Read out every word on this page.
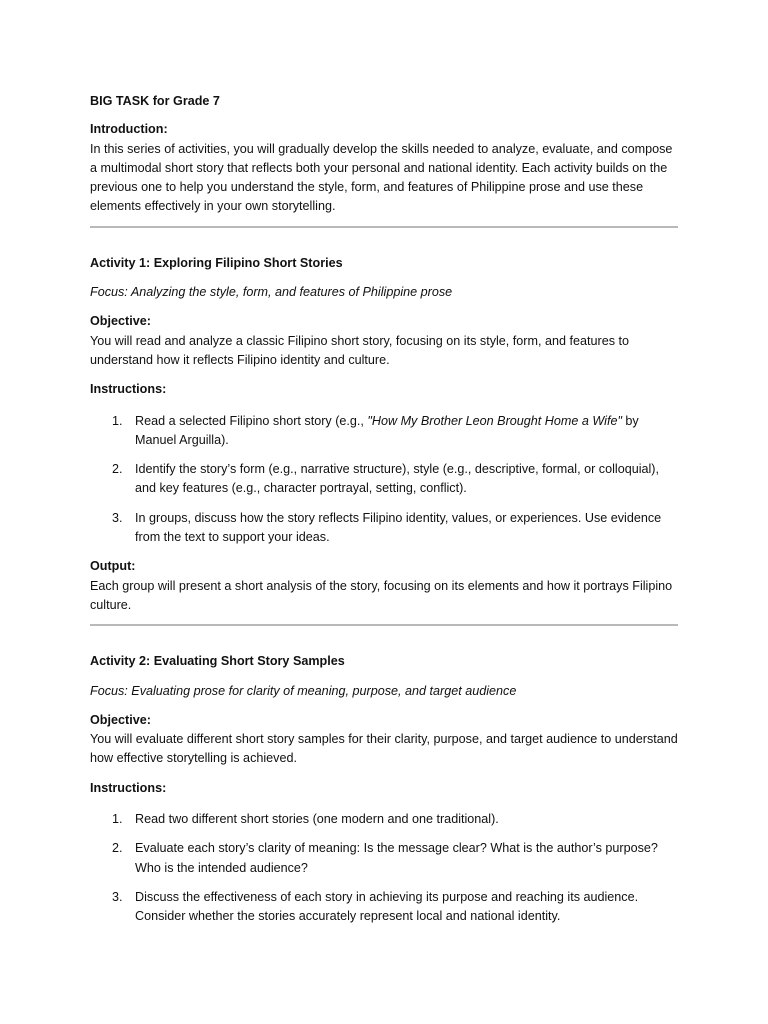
BIG TASK for Grade 7

Introduction:

In this series of activities, you will gradually develop the skills needed to analyze, evaluate, and compose a multimodal short story that reflects both your personal and national identity. Each activity builds on the previous one to help you understand the style, form, and features of Philippine prose and use these elements effectively in your own storytelling.

Activity 1: Exploring Filipino Short Stories

Focus: Analyzing the style, form, and features of Philippine prose

Objective:

You will read and analyze a classic Filipino short story, focusing on its style, form, and features to understand how it reflects Filipino identity and culture.

Instructions:

1. Read a selected Filipino short story (e.g., "How My Brother Leon Brought Home a Wife" by Manuel Arguilla).
2. Identify the story’s form (e.g., narrative structure), style (e.g., descriptive, formal, or colloquial), and key features (e.g., character portrayal, setting, conflict).
3. In groups, discuss how the story reflects Filipino identity, values, or experiences. Use evidence from the text to support your ideas.

Output:

Each group will present a short analysis of the story, focusing on its elements and how it portrays Filipino culture.

Activity 2: Evaluating Short Story Samples

Focus: Evaluating prose for clarity of meaning, purpose, and target audience

Objective:

You will evaluate different short story samples for their clarity, purpose, and target audience to understand how effective storytelling is achieved.

Instructions:

1. Read two different short stories (one modern and one traditional).
2. Evaluate each story’s clarity of meaning: Is the message clear? What is the author’s purpose? Who is the intended audience?
3. Discuss the effectiveness of each story in achieving its purpose and reaching its audience. Consider whether the stories accurately represent local and national identity.
